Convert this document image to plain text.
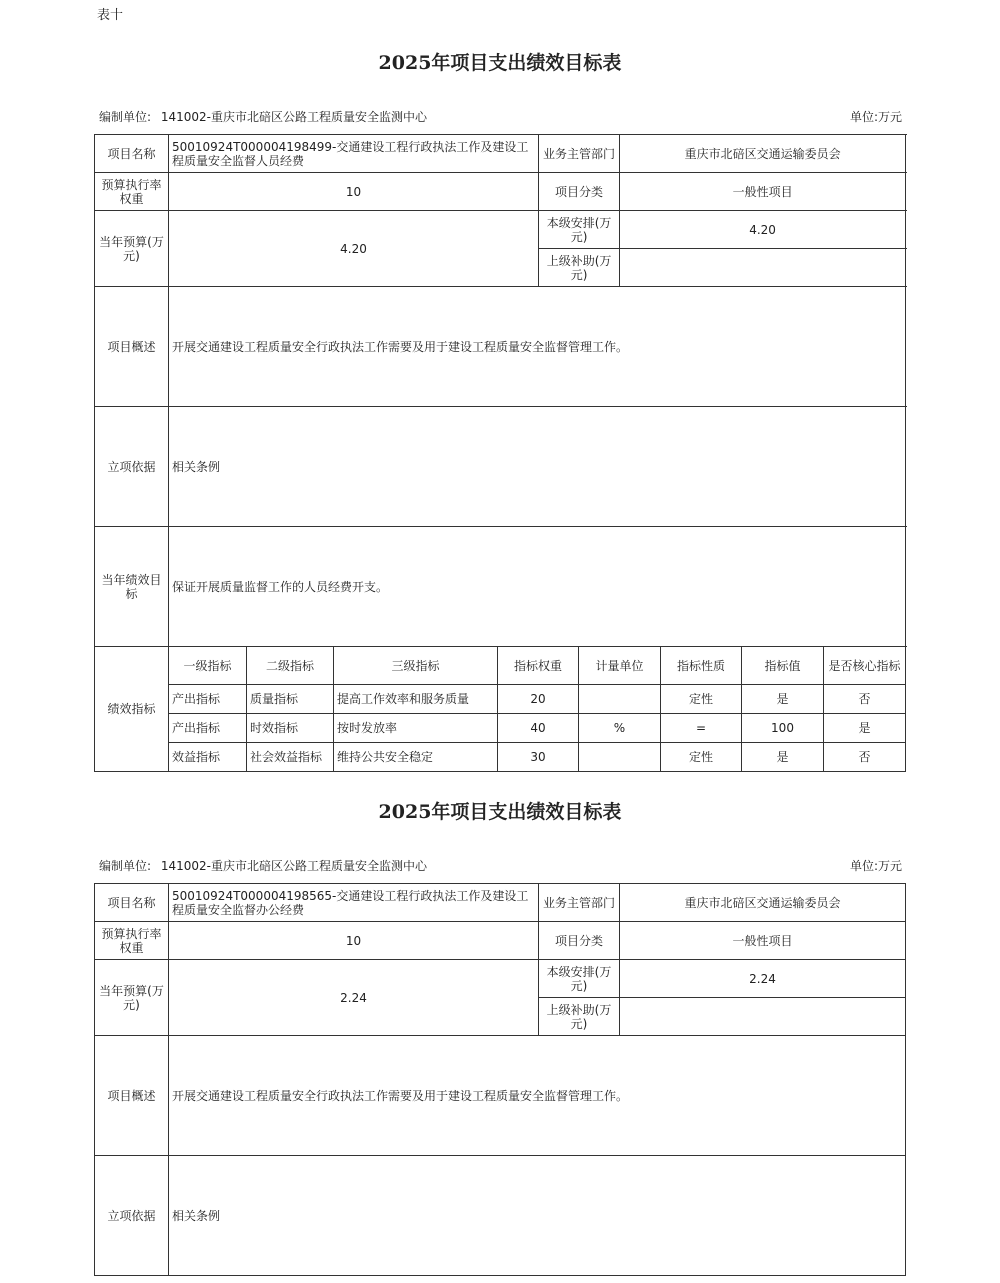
表十
2025年项目支出绩效目标表
编制单位: 141002-重庆市北碚区公路工程质量安全监测中心	单位:万元
项目名称	50010924T000004198499-交通建设工程行政执法工作及建设工程质量安全监督人员经费	业务主管部门	重庆市北碚区交通运输委员会
预算执行率权重	10	项目分类	一般性项目
当年预算(万元)	4.20	本级安排(万元)	4.20
		上级补助(万元)	
项目概述	开展交通建设工程质量安全行政执法工作需要及用于建设工程质量安全监督管理工作。		
立项依据	相关条例		
当年绩效目标	保证开展质量监督工作的人员经费开支。		
绩效指标	一级指标	二级指标	三级指标	指标权重	计量单位	指标性质	指标值	是否核心指标
	产出指标	质量指标	提高工作效率和服务质量	20		定性	是	否
	产出指标	时效指标	按时发放率	40	%	=	100	是
	效益指标	社会效益指标	维持公共安全稳定	30		定性	是	否
2025年项目支出绩效目标表
编制单位: 141002-重庆市北碚区公路工程质量安全监测中心	单位:万元
项目名称	50010924T000004198565-交通建设工程行政执法工作及建设工程质量安全监督办公经费	业务主管部门	重庆市北碚区交通运输委员会
预算执行率权重	10	项目分类	一般性项目
当年预算(万元)	2.24	本级安排(万元)	2.24
		上级补助(万元)	
项目概述	开展交通建设工程质量安全行政执法工作需要及用于建设工程质量安全监督管理工作。		
立项依据	相关条例		
